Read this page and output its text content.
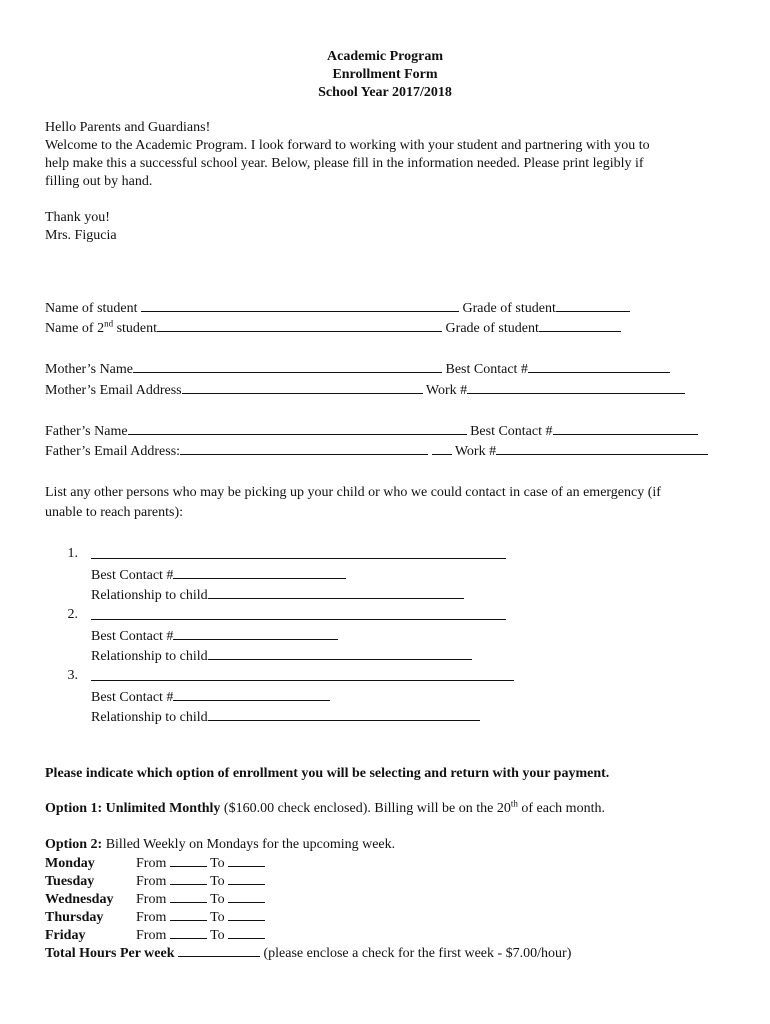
Academic Program
Enrollment Form
School Year 2017/2018
Hello Parents and Guardians!
Welcome to the Academic Program. I look forward to working with your student and partnering with you to
help make this a successful school year. Below, please fill in the information needed. Please print legibly if
filling out by hand.
Thank you!
Mrs. Figucia
Name of student	Grade of student
Name of 2nd student	Grade of student
Mother’s Name	Best Contact #
Mother’s Email Address	Work #
Father’s Name	Best Contact #
Father’s Email Address:	Work #
List any other persons who may be picking up your child or who we could contact in case of an emergency (if
unable to reach parents):
1.
Best Contact #
Relationship to child
2.
Best Contact #
Relationship to child
3.
Best Contact #
Relationship to child
Please indicate which option of enrollment you will be selecting and return with your payment.
Option 1: Unlimited Monthly ($160.00 check enclosed). Billing will be on the 20th of each month.
Option 2: Billed Weekly on Mondays for the upcoming week.
Monday	From	To
Tuesday	From	To
Wednesday From	To
Thursday From	To
Friday	From	To
Total Hours Per week	(please enclose a check for the first week - $7.00/hour)
